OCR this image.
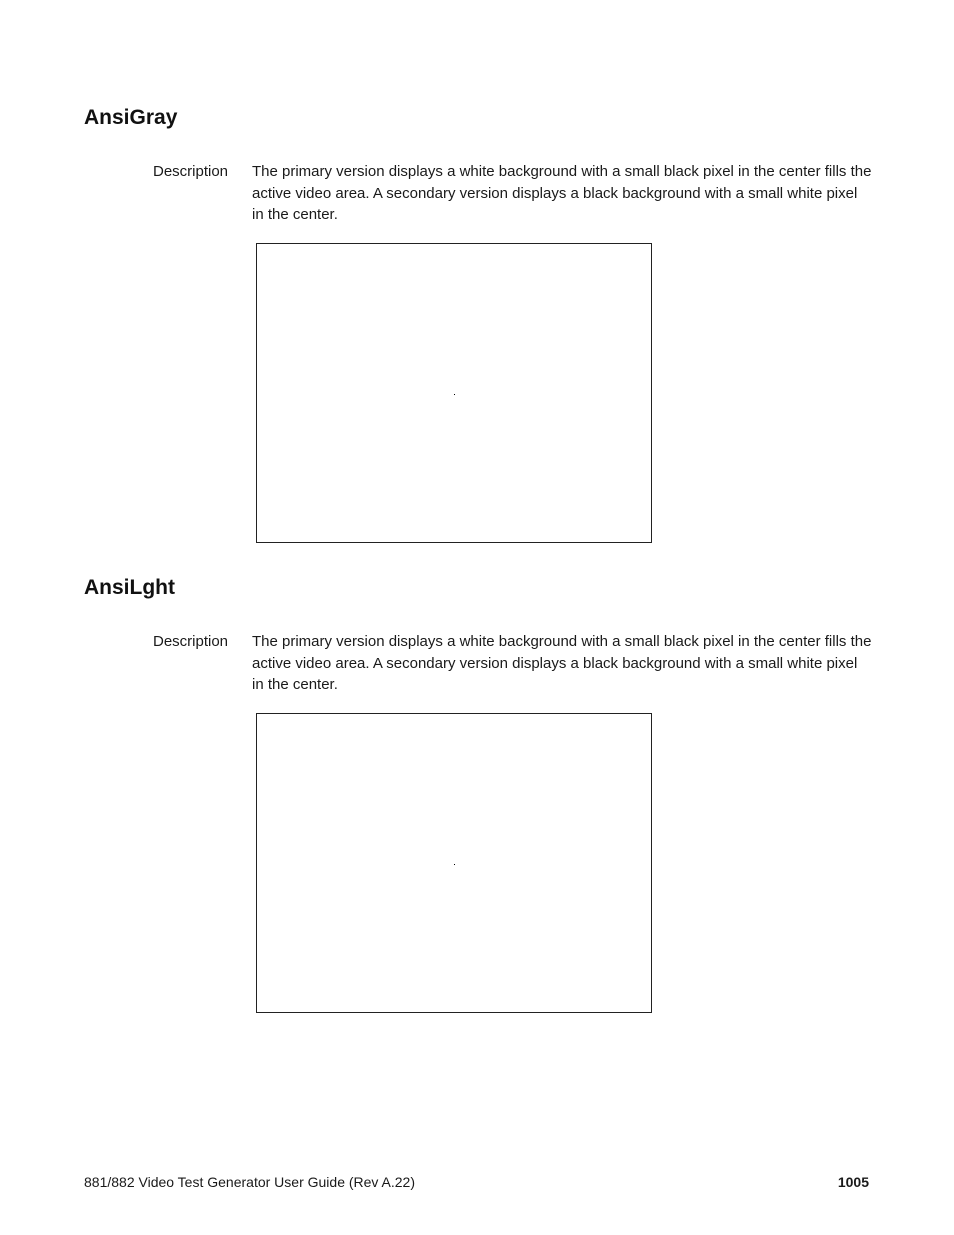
AnsiGray
Description The primary version displays a white background with a small black pixel in the center fills the active video area. A secondary version displays a black background with a small white pixel in the center.
AnsiLght
Description The primary version displays a white background with a small black pixel in the center fills the active video area. A secondary version displays a black background with a small white pixel in the center.
881/882 Video Test Generator User Guide (Rev A.22)	1005
